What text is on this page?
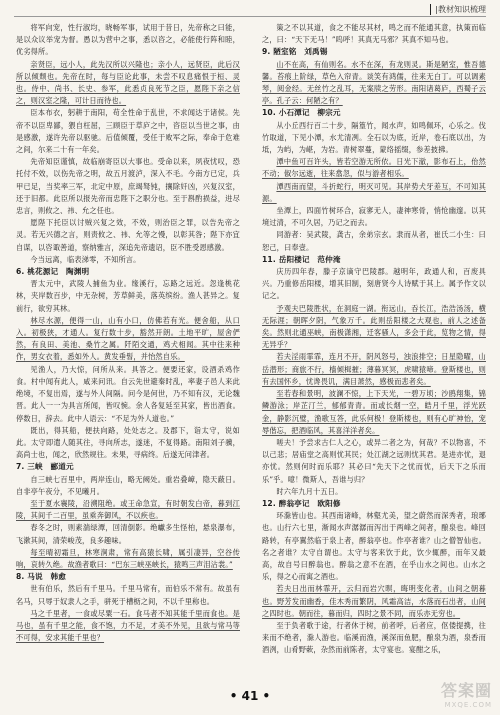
|教材知识梳理

将军向宠，性行淑均，晓畅军事，试用于昔日，先帝称之曰能，是以众议举宠为督。愚以为营中之事，悉以咨之，必能使行阵和睦，优劣得所。

亲贤臣，远小人，此先汉所以兴隆也；亲小人，远贤臣，此后汉所以倾颓也。先帝在时，每与臣论此事，未尝不叹息痛恨于桓、灵也。侍中、尚书、长史、参军，此悉贞良死节之臣，愿陛下亲之信之，则汉室之隆，可计日而待也。

臣本布衣，躬耕于南阳，苟全性命于乱世，不求闻达于诸侯。先帝不以臣卑鄙，猥自枉屈，三顾臣于草庐之中，咨臣以当世之事，由是感激，遂许先帝以驱驰。后值倾覆，受任于败军之际，奉命于危难之间，尔来二十有一年矣。

先帝知臣谨慎，故临崩寄臣以大事也。受命以来，夙夜忧叹，恐托付不效，以伤先帝之明，故五月渡泸，深入不毛。今南方已定，兵甲已足，当奖率三军，北定中原，庶竭驽钝，攘除奸凶，兴复汉室，还于旧都。此臣所以报先帝而忠陛下之职分也。至于斟酌损益，进尽忠言，则攸之、祎、允之任也。

愿陛下托臣以讨贼兴复之效，不效，则治臣之罪，以告先帝之灵。若无兴德之言，则责攸之、祎、允等之慢，以彰其咎；陛下亦宜自谋，以咨诹善道，察纳雅言，深追先帝遗诏，臣不胜受恩感激。

今当远离，临表涕零，不知所言。

6. 桃花源记　陶渊明

晋太元中，武陵人捕鱼为业。缘溪行，忘路之远近。忽逢桃花林，夹岸数百步，中无杂树，芳草鲜美，落英缤纷。渔人甚异之。复前行，欲穷其林。

林尽水源，便得一山，山有小口，仿佛若有光。便舍船，从口入。初极狭，才通人。复行数十步，豁然开朗。土地平旷，屋舍俨然，有良田、美池、桑竹之属。阡陌交通，鸡犬相闻。其中往来种作，男女衣着，悉如外人。黄发垂髫，并怡然自乐。

见渔人，乃大惊，问所从来。具答之。便要还家，设酒杀鸡作食。村中闻有此人，咸来问讯。自云先世避秦时乱，率妻子邑人来此绝境，不复出焉，遂与外人间隔。问今是何世，乃不知有汉，无论魏晋。此人一一为具言所闻，皆叹惋。余人各复延至其家，皆出酒食。停数日，辞去。此中人语云：“不足为外人道也。”

既出，得其船，便扶向路，处处志之。及郡下，诣太守，说如此。太守即遣人随其往，寻向所志，遂迷，不复得路。南阳刘子骥，高尚士也，闻之，欣然规往。未果，寻病终。后遂无问津者。

7. 三峡　郦道元

自三峡七百里中，两岸连山，略无阙处。重岩叠嶂，隐天蔽日。自非亭午夜分，不见曦月。

至于夏水襄陵，沿溯阻绝。或王命急宣，有时朝发白帝，暮到江陵，其间千二百里，虽乘奔御风，不以疾也。

春冬之时，则素湍绿潭，回清倒影。绝巘多生怪柏，悬泉瀑布，飞漱其间，清荣峻茂，良多趣味。

每至晴初霜旦，林寒涧肃，常有高猿长啸，属引凄异，空谷传响，哀转久绝。故渔者歌曰：“巴东三峡巫峡长，猿鸣三声泪沾裳。”

8. 马说　韩愈

世有伯乐，然后有千里马。千里马常有，而伯乐不常有。故虽有名马，只辱于奴隶人之手，骈死于槽枥之间，不以千里称也。

马之千里者，一食或尽粟一石。食马者不知其能千里而食也。是马也，虽有千里之能，食不饱，力不足，才美不外见，且欲与常马等不可得，安求其能千里也？

策之不以其道，食之不能尽其材，鸣之而不能通其意，执策而临之，曰：“天下无马！”呜呼！其真无马邪？其真不知马也。

9. 陋室铭　刘禹锡

山不在高，有仙则名。水不在深，有龙则灵。斯是陋室，惟吾德馨。苔痕上阶绿，草色入帘青。谈笑有鸿儒，往来无白丁。可以调素琴，阅金经。无丝竹之乱耳，无案牍之劳形。南阳诸葛庐，西蜀子云亭。孔子云：何陋之有？

10. 小石潭记　柳宗元

从小丘西行百二十步，隔篁竹，闻水声，如鸣佩环，心乐之。伐竹取道，下见小潭，水尤清冽。全石以为底，近岸，卷石底以出，为坻，为屿，为嵁，为岩。青树翠蔓，蒙络摇缀，参差披拂。

潭中鱼可百许头，皆若空游无所依。日光下澈，影布石上，佁然不动；俶尔远逝，往来翕忽，似与游者相乐。

潭西南而望，斗折蛇行，明灭可见。其岸势犬牙差互，不可知其源。

坐潭上，四面竹树环合，寂寥无人，凄神寒骨，悄怆幽邃。以其境过清，不可久居，乃记之而去。

同游者：吴武陵，龚古，余弟宗玄。隶而从者，崔氏二小生：曰恕己，曰奉壹。

11. 岳阳楼记　范仲淹

庆历四年春，滕子京谪守巴陵郡。越明年，政通人和，百废具兴。乃重修岳阳楼，增其旧制，刻唐贤今人诗赋于其上。属予作文以记之。

予观夫巴陵胜状，在洞庭一湖。衔远山，吞长江，浩浩汤汤，横无际涯；朝晖夕阴，气象万千。此则岳阳楼之大观也，前人之述备矣。然则北通巫峡，南极潇湘，迁客骚人，多会于此，览物之情，得无异乎？

若夫淫雨霏霏，连月不开，阴风怒号，浊浪排空；日星隐曜，山岳潜形；商旅不行，樯倾楫摧；薄暮冥冥，虎啸猿啼。登斯楼也，则有去国怀乡，忧谗畏讥，满目萧然，感极而悲者矣。

至若春和景明，波澜不惊，上下天光，一碧万顷；沙鸥翔集，锦鳞游泳；岸芷汀兰，郁郁青青。而或长烟一空，皓月千里，浮光跃金，静影沉璧，渔歌互答，此乐何极！登斯楼也，则有心旷神怡，宠辱偕忘，把酒临风，其喜洋洋者矣。

嗟夫！予尝求古仁人之心，或异二者之为，何哉？不以物喜，不以己悲；居庙堂之高则忧其民；处江湖之远则忧其君。是进亦忧，退亦忧。然则何时而乐耶？其必曰“先天下之忧而忧，后天下之乐而乐”乎。噫！微斯人，吾谁与归？

时六年九月十五日。

12. 醉翁亭记　欧阳修

环滁皆山也。其西南诸峰，林壑尤美，望之蔚然而深秀者，琅琊也。山行六七里，渐闻水声潺潺而泻出于两峰之间者，酿泉也。峰回路转，有亭翼然临于泉上者，醉翁亭也。作亭者谁？山之僧智仙也。名之者谁？太守自谓也。太守与客来饮于此，饮少辄醉，而年又最高，故自号曰醉翁也。醉翁之意不在酒，在乎山水之间也。山水之乐，得之心而寓之酒也。

若夫日出而林霏开，云归而岩穴暝，晦明变化者，山间之朝暮也。野芳发而幽香，佳木秀而繁阴，风霜高洁，水落而石出者，山间之四时也。朝而往，暮而归，四时之景不同，而乐亦无穷也。

至于负者歌于途，行者休于树，前者呼，后者应，伛偻提携，往来而不绝者，滁人游也。临溪而渔，溪深而鱼肥，酿泉为酒，泉香而酒洌，山肴野蔌，杂然而前陈者，太守宴也。宴酣之乐，

• 41 •	答案圈
MXQE.COM
